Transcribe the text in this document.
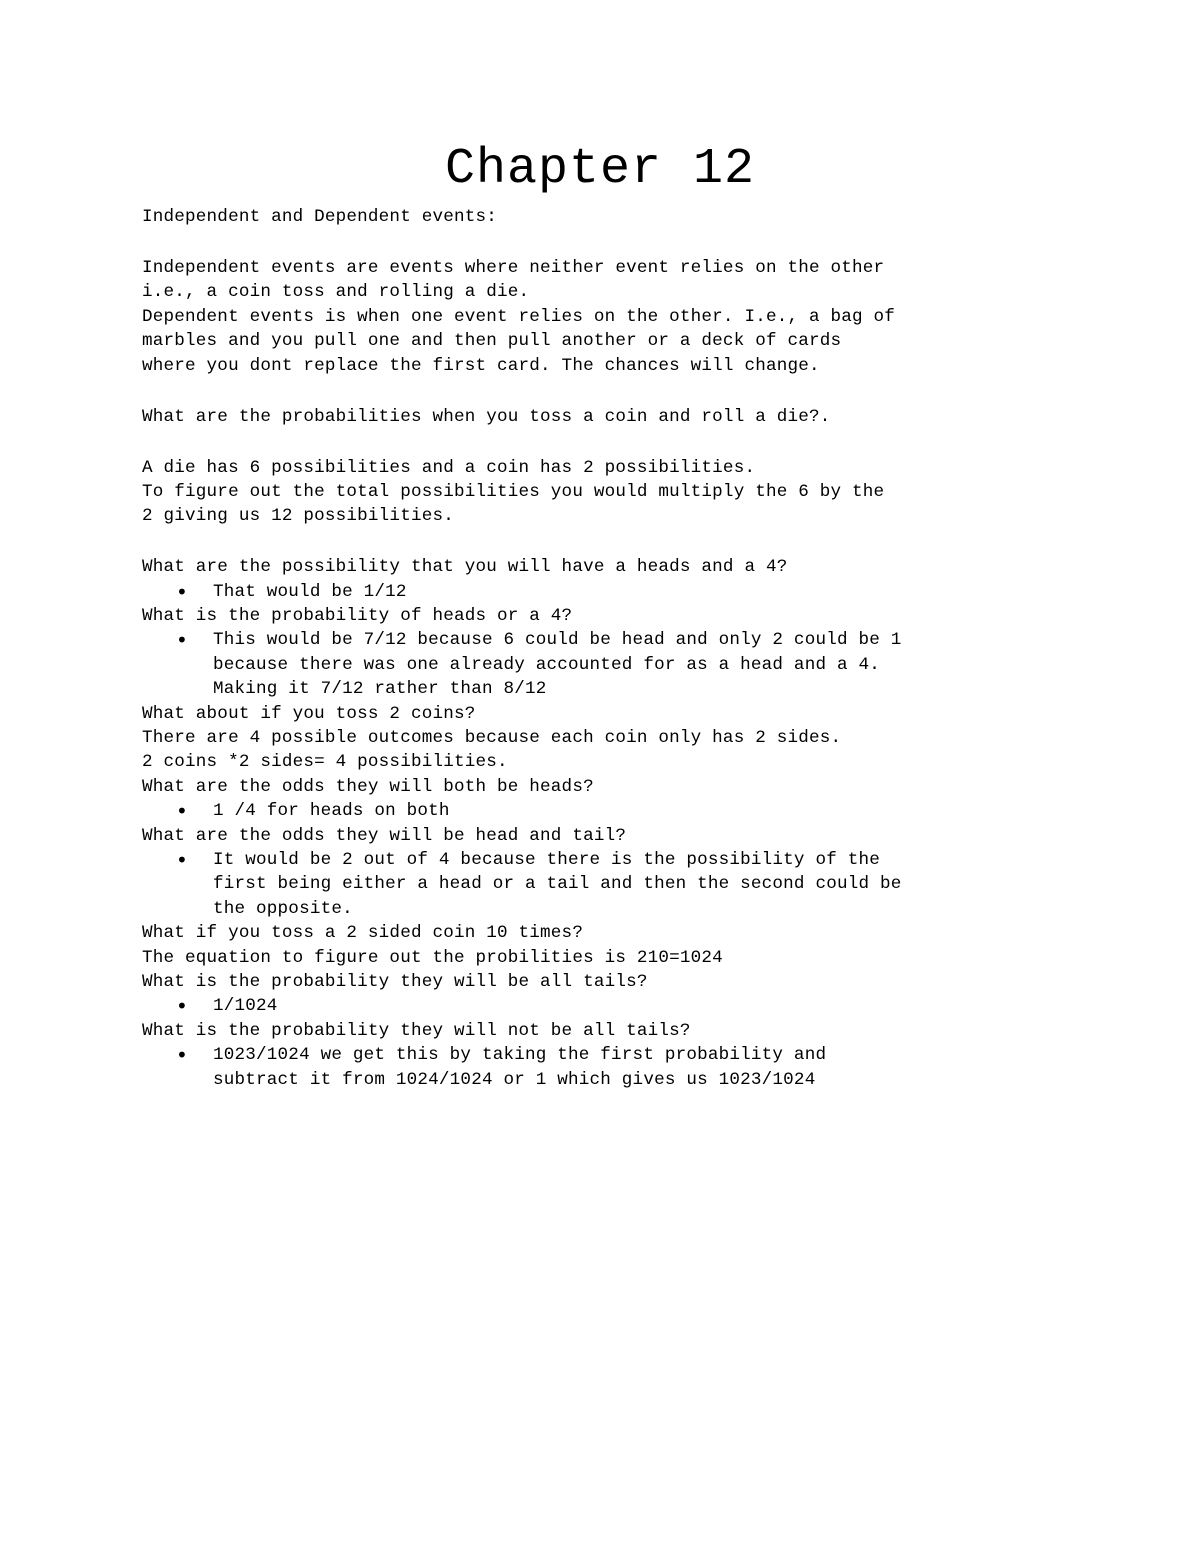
Chapter 12

Independent and Dependent events:

Independent events are events where neither event relies on the other

i.e., a coin toss and rolling a die.

Dependent events is when one event relies on the other. I.e., a bag of

marbles and you pull one and then pull another or a deck of cards

where you dont replace the first card. The chances will change.

What are the probabilities when you toss a coin and roll a die?.

A die has 6 possibilities and a coin has 2 possibilities.

To figure out the total possibilities you would multiply the 6 by the

2 giving us 12 possibilities.

What are the possibility that you will have a heads and a 4?

• That would be 1/12

What is the probability of heads or a 4?

• This would be 7/12 because 6 could be head and only 2 could be 1
because there was one already accounted for as a head and a 4.
Making it 7/12 rather than 8/12

What about if you toss 2 coins?

There are 4 possible outcomes because each coin only has 2 sides.

2 coins *2 sides= 4 possibilities.

What are the odds they will both be heads?

• 1 /4 for heads on both

What are the odds they will be head and tail?

• It would be 2 out of 4 because there is the possibility of the
first being either a head or a tail and then the second could be
the opposite.

What if you toss a 2 sided coin 10 times?

The equation to figure out the probilities is 210=1024

What is the probability they will be all tails?

• 1/1024

What is the probability they will not be all tails?

• 1023/1024 we get this by taking the first probability and
subtract it from 1024/1024 or 1 which gives us 1023/1024
